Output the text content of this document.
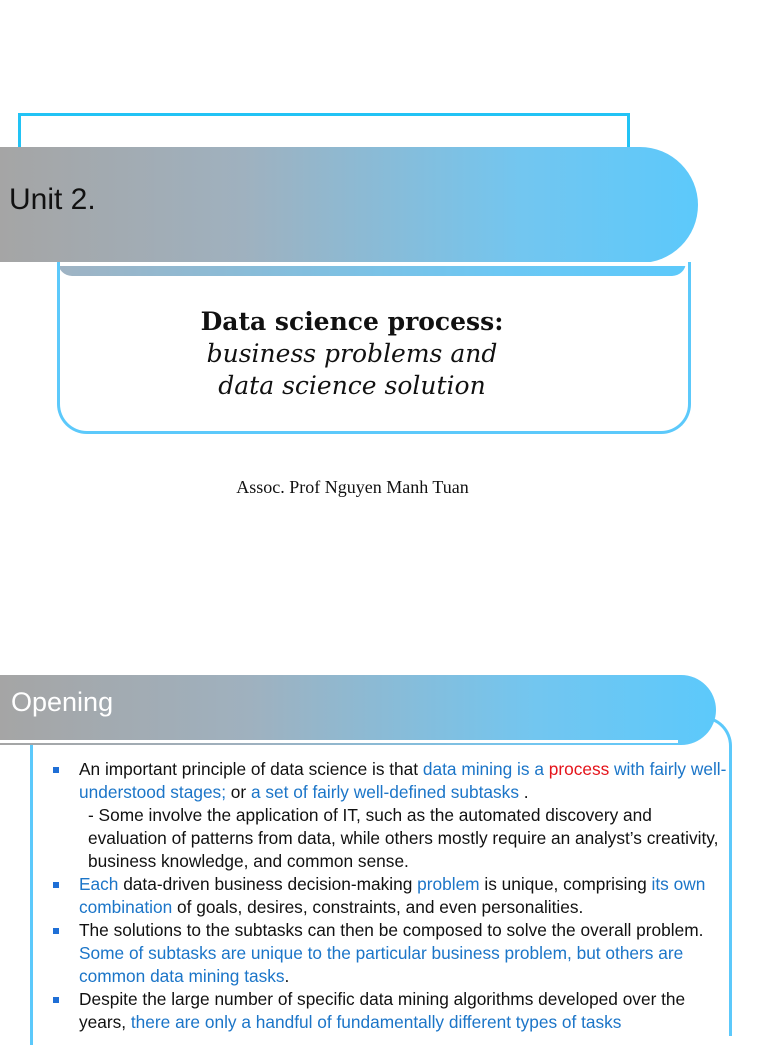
Unit 2.
Data science process:
business problems and
data science solution
Assoc. Prof Nguyen Manh Tuan
Opening
An important principle of data science is that data mining is a process with fairly well-understood stages; or a set of fairly well-defined subtasks .
- Some involve the application of IT, such as the automated discovery and evaluation of patterns from data, while others mostly require an analyst’s creativity, business knowledge, and common sense.
Each data-driven business decision-making problem is unique, comprising its own combination of goals, desires, constraints, and even personalities.
The solutions to the subtasks can then be composed to solve the overall problem. Some of subtasks are unique to the particular business problem, but others are common data mining tasks.
Despite the large number of specific data mining algorithms developed over the years, there are only a handful of fundamentally different types of tasks
